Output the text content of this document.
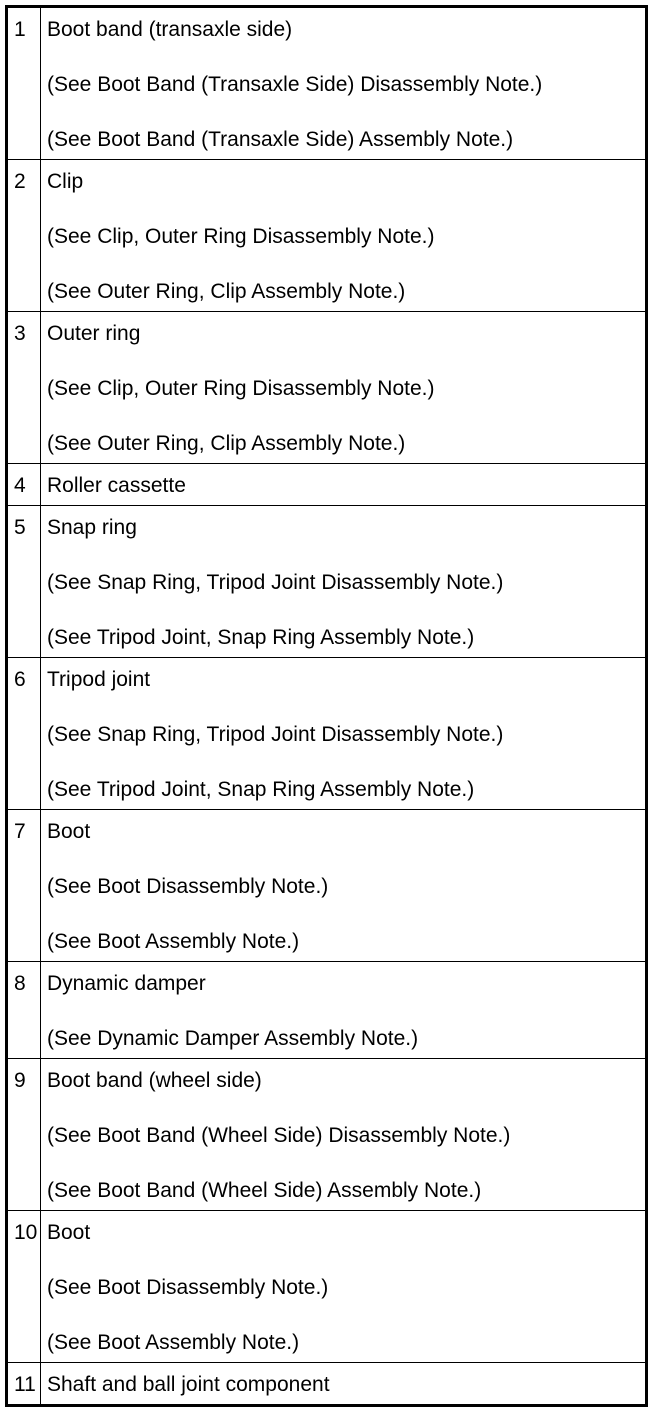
1	Boot band (transaxle side)
(See Boot Band (Transaxle Side) Disassembly Note.)
(See Boot Band (Transaxle Side) Assembly Note.)

2	Clip
(See Clip, Outer Ring Disassembly Note.)
(See Outer Ring, Clip Assembly Note.)

3	Outer ring
(See Clip, Outer Ring Disassembly Note.)
(See Outer Ring, Clip Assembly Note.)

4	Roller cassette

5	Snap ring
(See Snap Ring, Tripod Joint Disassembly Note.)
(See Tripod Joint, Snap Ring Assembly Note.)

6	Tripod joint
(See Snap Ring, Tripod Joint Disassembly Note.)
(See Tripod Joint, Snap Ring Assembly Note.)

7	Boot
(See Boot Disassembly Note.)
(See Boot Assembly Note.)

8	Dynamic damper
(See Dynamic Damper Assembly Note.)

9	Boot band (wheel side)
(See Boot Band (Wheel Side) Disassembly Note.)
(See Boot Band (Wheel Side) Assembly Note.)

10	Boot
(See Boot Disassembly Note.)
(See Boot Assembly Note.)

11	Shaft and ball joint component
